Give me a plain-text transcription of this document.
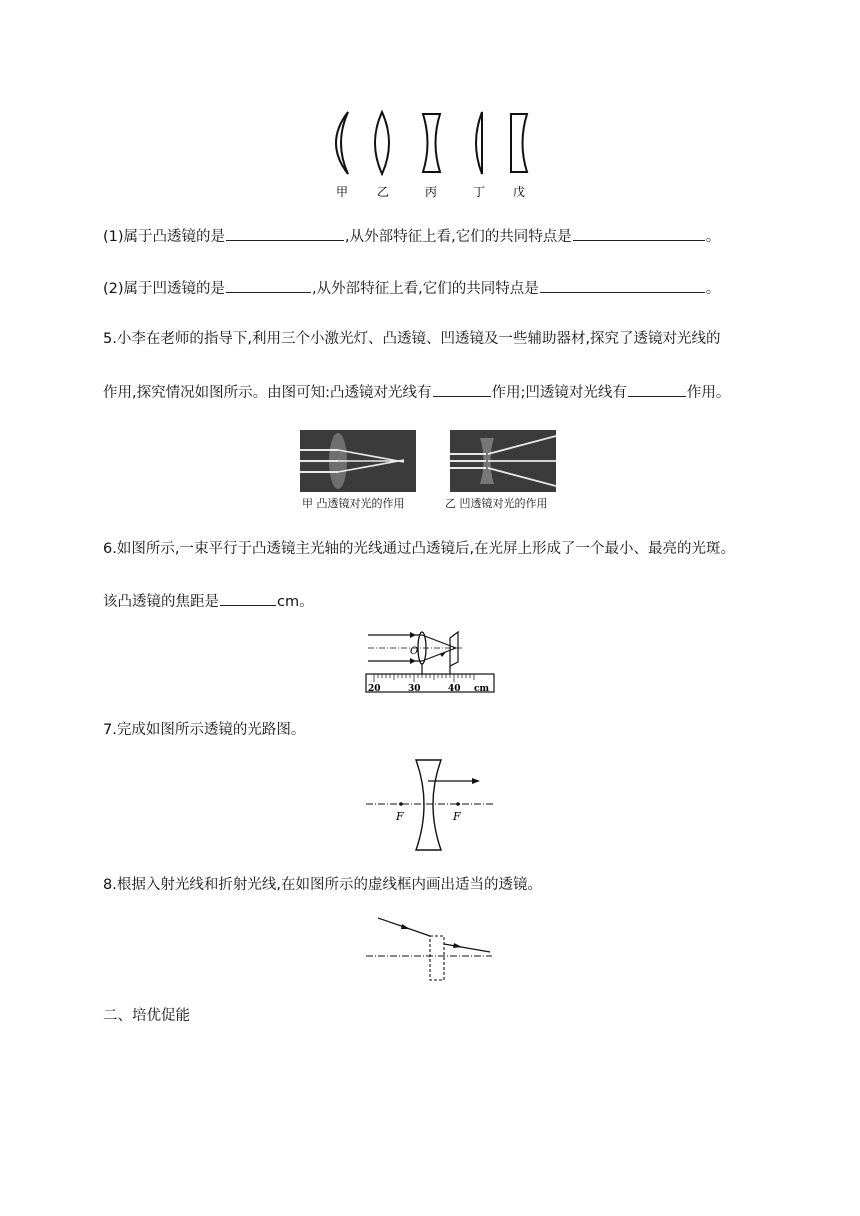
甲 乙	丙	丁 戊
(1)属于凸透镜的是	,从外部特征上看,它们的共同特点是	。
(2)属于凹透镜的是	,从外部特征上看,它们的共同特点是	。
5.小李在老师的指导下,利用三个小激光灯、凸透镜、凹透镜及一些辅助器材,探究了透镜对光线的
作用,探究情况如图所示。由图可知:凸透镜对光线有	作用;凹透镜对光线有	作用。
甲 凸透镜对光的作用	乙 凹透镜对光的作用
6.如图所示,一束平行于凸透镜主光轴的光线通过凸透镜后,在光屏上形成了一个最小、最亮的光斑。
该凸透镜的焦距是	cm。
O
20	30	40 cm
7.完成如图所示透镜的光路图。
F	F
8.根据入射光线和折射光线,在如图所示的虚线框内画出适当的透镜。
二、培优促能
